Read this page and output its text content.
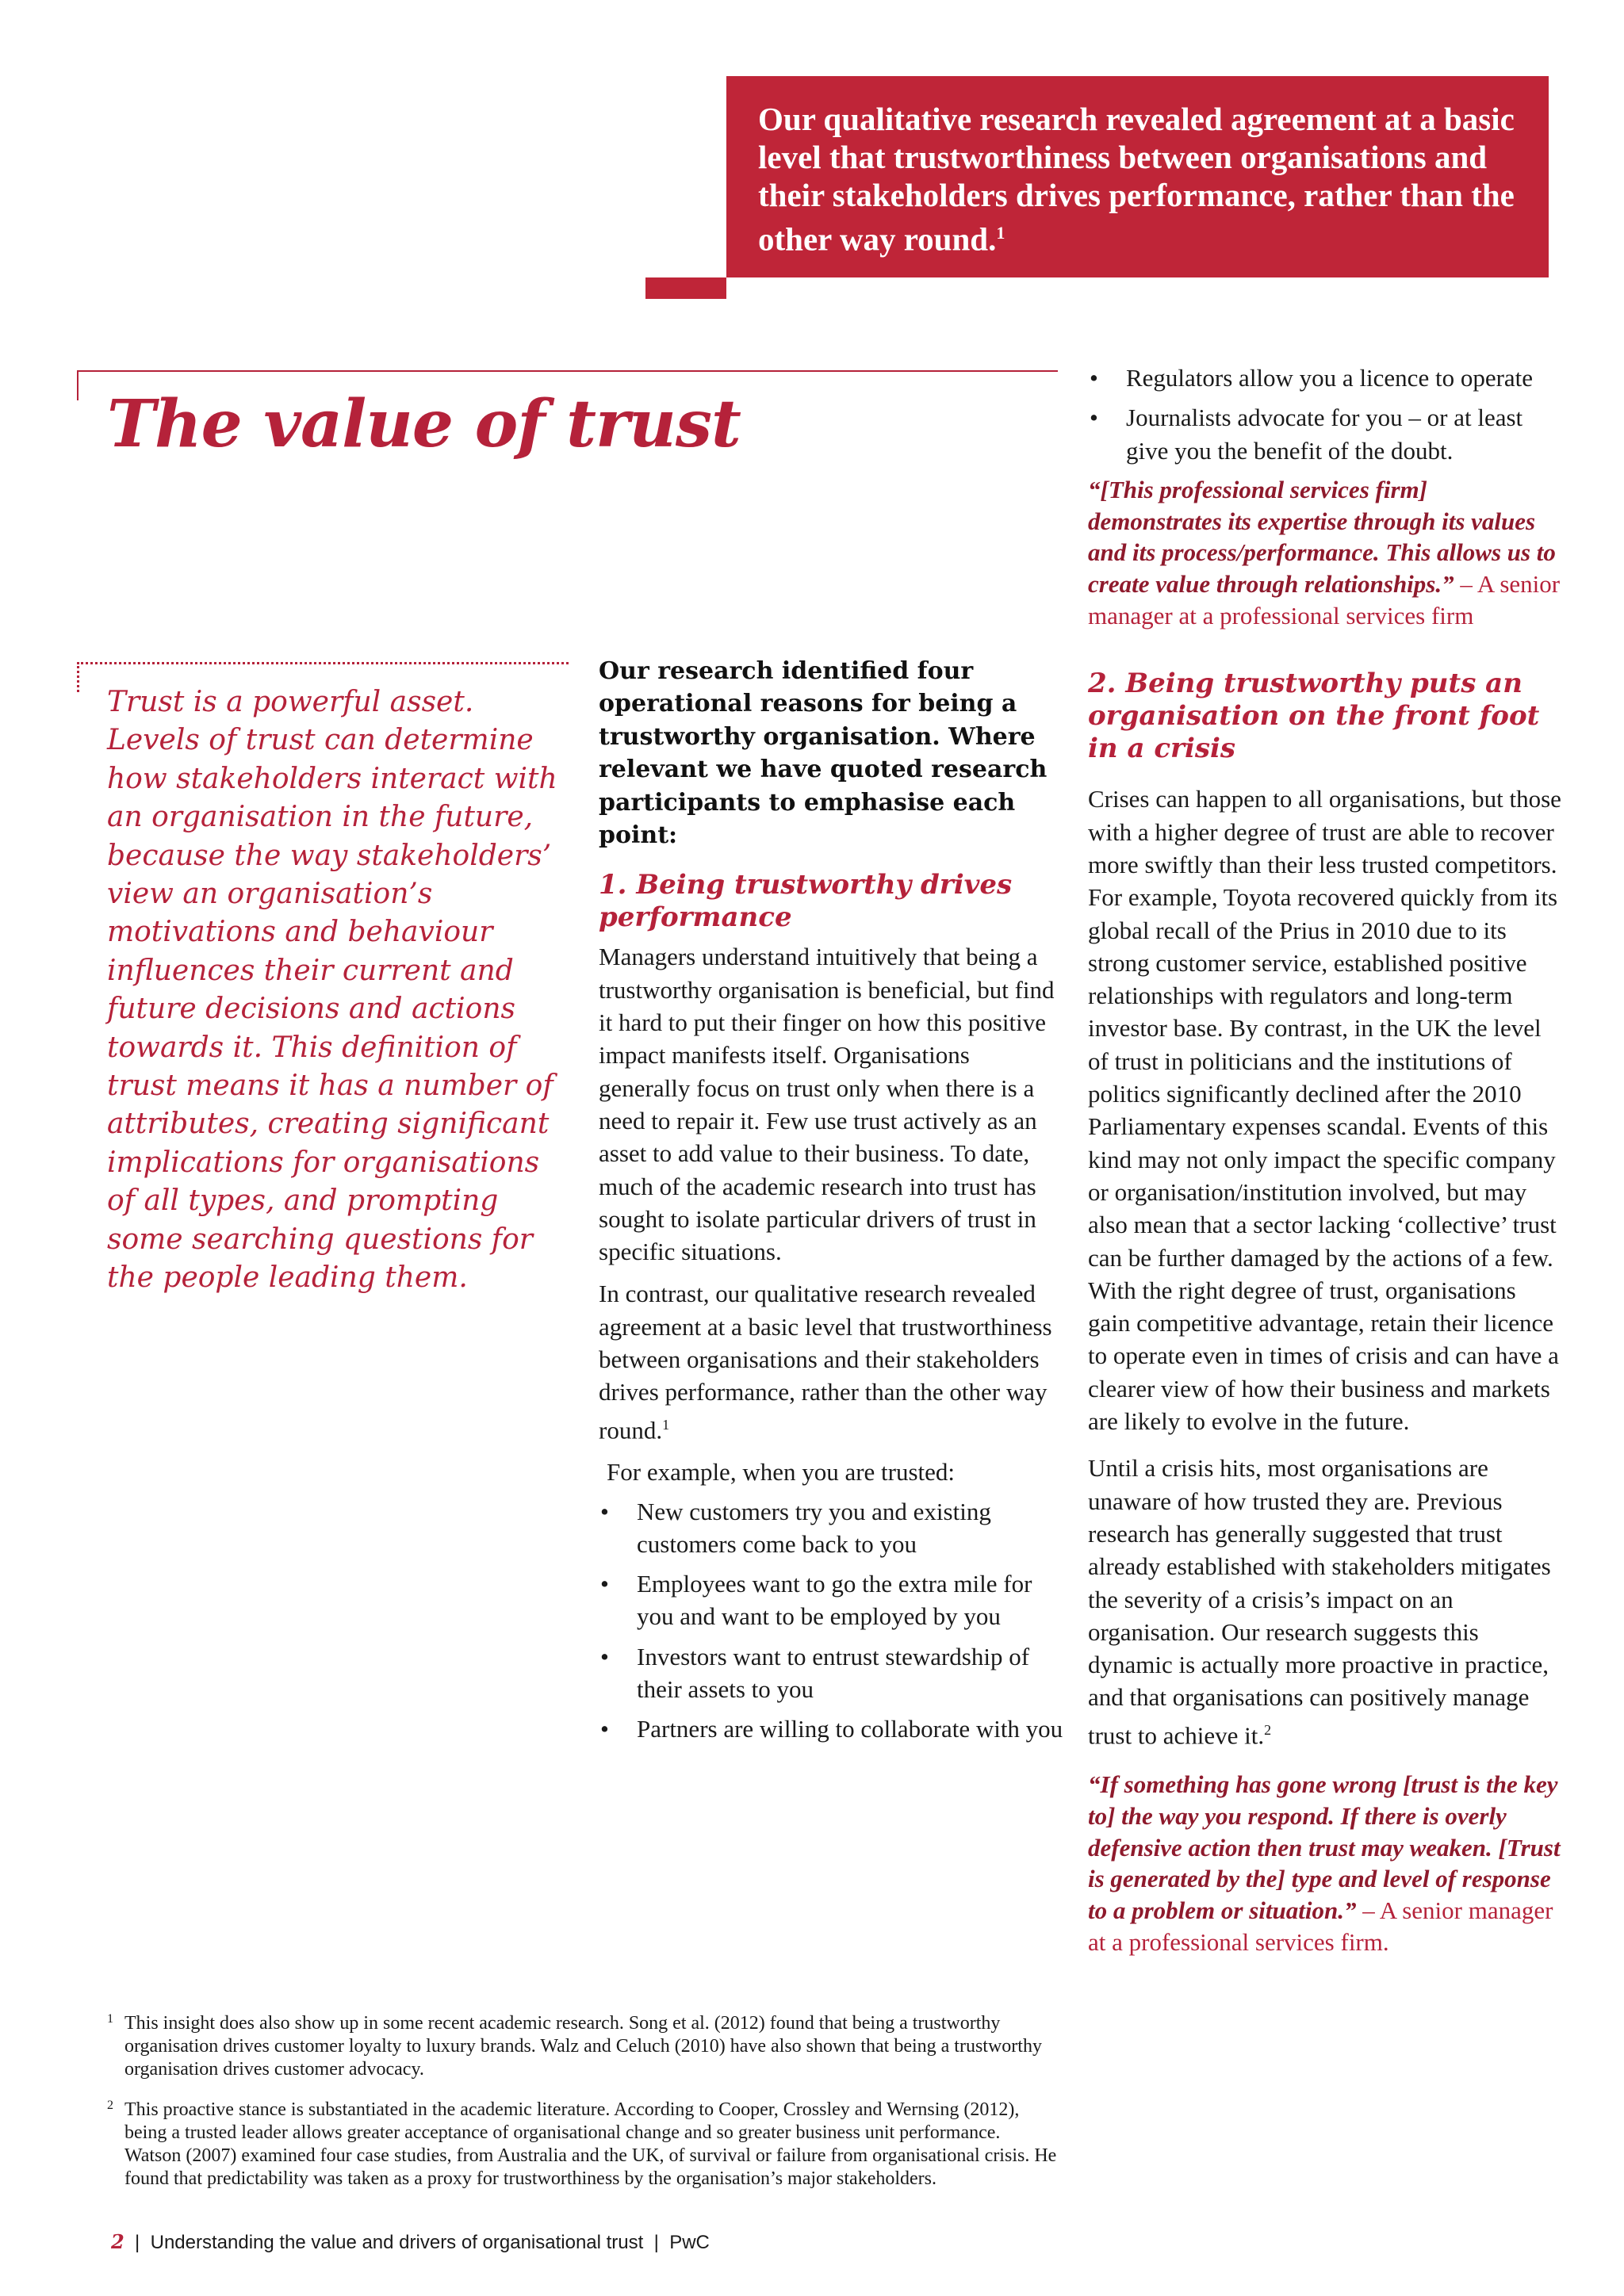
Our qualitative research revealed agreement at a basic level that trustworthiness between organisations and their stakeholders drives performance, rather than the other way round.$^1$

The value of trust

Trust is a powerful asset. Levels of trust can determine how stakeholders interact with an organisation in the future, because the way stakeholders’ view an organisation’s motivations and behaviour influences their current and future decisions and actions towards it. This definition of trust means it has a number of attributes, creating significant implications for organisations of all types, and prompting some searching questions for the people leading them.

Our research identified four operational reasons for being a trustworthy organisation. Where relevant we have quoted research participants to emphasise each point:

1. Being trustworthy drives performance

Managers understand intuitively that being a trustworthy organisation is beneficial, but find it hard to put their finger on how this positive impact manifests itself. Organisations generally focus on trust only when there is a need to repair it. Few use trust actively as an asset to add value to their business. To date, much of the academic research into trust has sought to isolate particular drivers of trust in specific situations.

In contrast, our qualitative research revealed agreement at a basic level that trustworthiness between organisations and their stakeholders drives performance, rather than the other way round.$^1$

For example, when you are trusted:

• New customers try you and existing customers come back to you
• Employees want to go the extra mile for you and want to be employed by you
• Investors want to entrust stewardship of their assets to you
• Partners are willing to collaborate with you
• Regulators allow you a licence to operate
• Journalists advocate for you – or at least give you the benefit of the doubt.

“[This professional services firm] demonstrates its expertise through its values and its process/performance. This allows us to create value through relationships.” – A senior manager at a professional services firm

2. Being trustworthy puts an organisation on the front foot in a crisis

Crises can happen to all organisations, but those with a higher degree of trust are able to recover more swiftly than their less trusted competitors. For example, Toyota recovered quickly from its global recall of the Prius in 2010 due to its strong customer service, established positive relationships with regulators and long-term investor base. By contrast, in the UK the level of trust in politicians and the institutions of politics significantly declined after the 2010 Parliamentary expenses scandal. Events of this kind may not only impact the specific company or organisation/institution involved, but may also mean that a sector lacking ‘collective’ trust can be further damaged by the actions of a few. With the right degree of trust, organisations gain competitive advantage, retain their licence to operate even in times of crisis and can have a clearer view of how their business and markets are likely to evolve in the future.

Until a crisis hits, most organisations are unaware of how trusted they are. Previous research has generally suggested that trust already established with stakeholders mitigates the severity of a crisis’s impact on an organisation. Our research suggests this dynamic is actually more proactive in practice, and that organisations can positively manage trust to achieve it.$^2$

“If something has gone wrong [trust is the key to] the way you respond. If there is overly defensive action then trust may weaken. [Trust is generated by the] type and level of response to a problem or situation.” – A senior manager at a professional services firm.

1 This insight does also show up in some recent academic research. Song et al. (2012) found that being a trustworthy organisation drives customer loyalty to luxury brands. Walz and Celuch (2010) have also shown that being a trustworthy organisation drives customer advocacy.

2 This proactive stance is substantiated in the academic literature. According to Cooper, Crossley and Wernsing (2012), being a trusted leader allows greater acceptance of organisational change and so greater business unit performance. Watson (2007) examined four case studies, from Australia and the UK, of survival or failure from organisational crisis. He found that predictability was taken as a proxy for trustworthiness by the organisation’s major stakeholders.

2  |  Understanding the value and drivers of organisational trust  |  PwC
